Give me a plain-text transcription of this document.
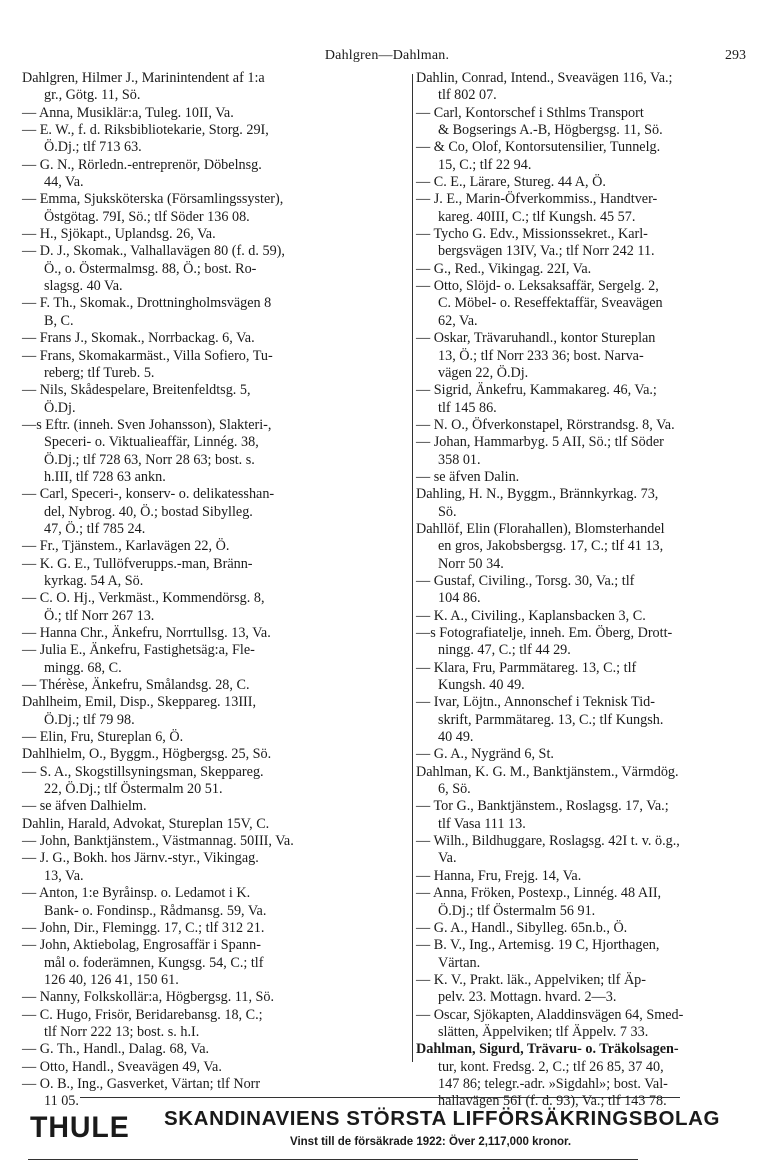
Dahlgren—Dahlman.	293
Dahlgren, Hilmer J., Marinintendent af 1:a
gr., Götg. 11, Sö.
— Anna, Musiklär:a, Tuleg. 10II, Va.
— E. W., f. d. Riksbibliotekarie, Storg. 29I,
Ö.Dj.; tlf 713 63.
— G. N., Rörledn.-entreprenör, Döbelnsg.
44, Va.
— Emma, Sjuksköterska (Församlingssyster),
Östgötag. 79I, Sö.; tlf Söder 136 08.
— H., Sjökapt., Uplandsg. 26, Va.
— D. J., Skomak., Valhallavägen 80 (f. d. 59),
Ö., o. Östermalmsg. 88, Ö.; bost. Ro-
slagsg. 40 Va.
— F. Th., Skomak., Drottningholmsvägen 8
B, C.
— Frans J., Skomak., Norrbackag. 6, Va.
— Frans, Skomakarmäst., Villa Sofiero, Tu-
reberg; tlf Tureb. 5.
— Nils, Skådespelare, Breitenfeldtsg. 5,
Ö.Dj.
—s Eftr. (inneh. Sven Johansson), Slakteri-,
Speceri- o. Viktualieaffär, Linnég. 38,
Ö.Dj.; tlf 728 63, Norr 28 63; bost. s.
h.III, tlf 728 63 ankn.
— Carl, Speceri-, konserv- o. delikatesshan-
del, Nybrog. 40, Ö.; bostad Sibylleg.
47, Ö.; tlf 785 24.
— Fr., Tjänstem., Karlavägen 22, Ö.
— K. G. E., Tullöfverupps.-man, Bränn-
kyrkag. 54 A, Sö.
— C. O. Hj., Verkmäst., Kommendörsg. 8,
Ö.; tlf Norr 267 13.
— Hanna Chr., Änkefru, Norrtullsg. 13, Va.
— Julia E., Änkefru, Fastighetsäg:a, Fle-
mingg. 68, C.
— Thérèse, Änkefru, Smålandsg. 28, C.
Dahlheim, Emil, Disp., Skeppareg. 13III,
Ö.Dj.; tlf 79 98.
— Elin, Fru, Stureplan 6, Ö.
Dahlhielm, O., Byggm., Högbergsg. 25, Sö.
— S. A., Skogstillsyningsman, Skeppareg.
22, Ö.Dj.; tlf Östermalm 20 51.
— se äfven Dalhielm.
Dahlin, Harald, Advokat, Stureplan 15V, C.
— John, Banktjänstem., Västmannag. 50III, Va.
— J. G., Bokh. hos Järnv.-styr., Vikingag.
13, Va.
— Anton, 1:e Byråinsp. o. Ledamot i K.
Bank- o. Fondinsp., Rådmansg. 59, Va.
— John, Dir., Flemingg. 17, C.; tlf 312 21.
— John, Aktiebolag, Engrosaffär i Spann-
mål o. foderämnen, Kungsg. 54, C.; tlf
126 40, 126 41, 150 61.
— Nanny, Folkskollär:a, Högbergsg. 11, Sö.
— C. Hugo, Frisör, Beridarebansg. 18, C.;
tlf Norr 222 13; bost. s. h.I.
— G. Th., Handl., Dalag. 68, Va.
— Otto, Handl., Sveavägen 49, Va.
— O. B., Ing., Gasverket, Värtan; tlf Norr
11 05.
Dahlin, Conrad, Intend., Sveavägen 116, Va.;
tlf 802 07.
— Carl, Kontorschef i Sthlms Transport
& Bogserings A.-B, Högbergsg. 11, Sö.
— & Co, Olof, Kontorsutensilier, Tunnelg.
15, C.; tlf 22 94.
— C. E., Lärare, Stureg. 44 A, Ö.
— J. E., Marin-Öfverkommiss., Handtver-
kareg. 40III, C.; tlf Kungsh. 45 57.
— Tycho G. Edv., Missionssekret., Karl-
bergsvägen 13IV, Va.; tlf Norr 242 11.
— G., Red., Vikingag. 22I, Va.
— Otto, Slöjd- o. Leksaksaffär, Sergelg. 2,
C. Möbel- o. Reseffektaffär, Sveavägen
62, Va.
— Oskar, Trävaruhandl., kontor Stureplan
13, Ö.; tlf Norr 233 36; bost. Narva-
vägen 22, Ö.Dj.
— Sigrid, Änkefru, Kammakareg. 46, Va.;
tlf 145 86.
— N. O., Öfverkonstapel, Rörstrandsg. 8, Va.
— Johan, Hammarbyg. 5 AII, Sö.; tlf Söder
358 01.
— se äfven Dalin.
Dahling, H. N., Byggm., Brännkyrkag. 73,
Sö.
Dahllöf, Elin (Florahallen), Blomsterhandel
en gros, Jakobsbergsg. 17, C.; tlf 41 13,
Norr 50 34.
— Gustaf, Civiling., Torsg. 30, Va.; tlf
104 86.
— K. A., Civiling., Kaplansbacken 3, C.
—s Fotografiatelje, inneh. Em. Öberg, Drott-
ningg. 47, C.; tlf 44 29.
— Klara, Fru, Parmmätareg. 13, C.; tlf
Kungsh. 40 49.
— Ivar, Löjtn., Annonschef i Teknisk Tid-
skrift, Parmmätareg. 13, C.; tlf Kungsh.
40 49.
— G. A., Nygränd 6, St.
Dahlman, K. G. M., Banktjänstem., Värmdög.
6, Sö.
— Tor G., Banktjänstem., Roslagsg. 17, Va.;
tlf Vasa 111 13.
— Wilh., Bildhuggare, Roslagsg. 42I t. v. ö.g.,
Va.
— Hanna, Fru, Frejg. 14, Va.
— Anna, Fröken, Postexp., Linnég. 48 AII,
Ö.Dj.; tlf Östermalm 56 91.
— G. A., Handl., Sibylleg. 65n.b., Ö.
— B. V., Ing., Artemisg. 19 C, Hjorthagen,
Värtan.
— K. V., Prakt. läk., Appelviken; tlf Äp-
pelv. 23. Mottagn. hvard. 2—3.
— Oscar, Sjökapten, Aladdinsvägen 64, Smed-
slätten, Äppelviken; tlf Äppelv. 7 33.
Dahlman, Sigurd, Trävaru- o. Träkolsagen-
tur, kont. Fredsg. 2, C.; tlf 26 85, 37 40,
147 86; telegr.-adr. »Sigdahl»; bost. Val-
hallavägen 56I (f. d. 93), Va.; tlf 143 78.
THULE SKANDINAVIENS STÖRSTA LIFFÖRSÄKRINGSBOLAG
Vinst till de försäkrade 1922: Över 2,117,000 kronor.
